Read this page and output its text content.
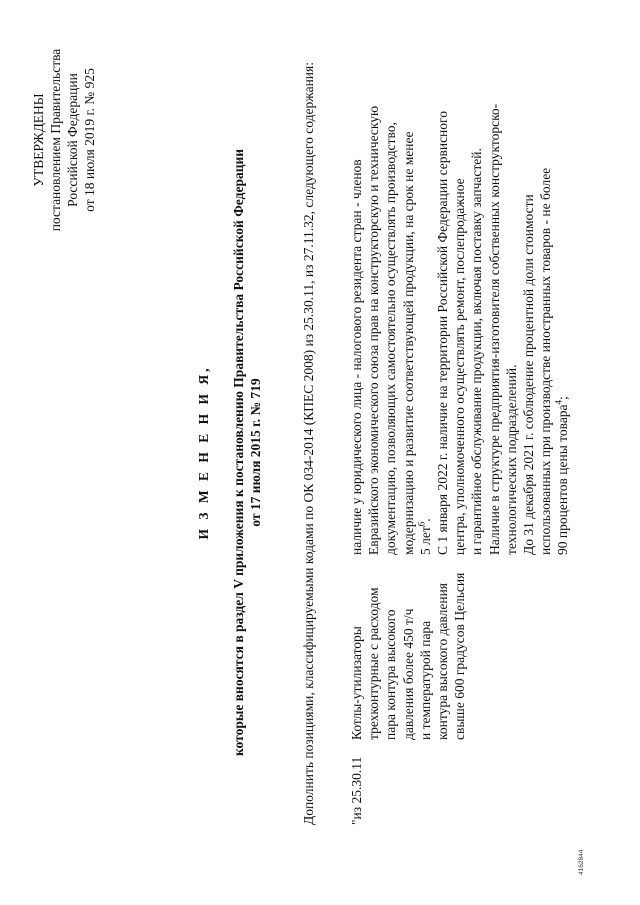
УТВЕРЖДЕНЫ постановлением Правительства Российской Федерации от 18 июля 2019 г. № 925
И З М Е Н Е Н И Я, которые вносятся в раздел V приложения к постановлению Правительства Российской Федерации от 17 июля 2015 г. № 719	Дополнить позициями, классифицируемыми кодами по ОК 034-2014 (КПЕС 2008) из 25.30.11, из 27.11.32, следующего содержания: "из 25.30.11
Котлы-утилизаторы трехконтурные с расходом пара контура высокого давления более 450 т/ч и температурой пара контура высокого давления свыше 600 градусов Цельсия

наличие у юридического лица - налогового резидента стран - членов Евразийского экономического союза прав на конструкторскую и техническую документацию, позволяющих самостоятельно осуществлять производство, модернизацию и развитие соответствующей продукции, на срок не менее 5 лет$^6$. С 1 января 2022 г. наличие на территории Российской Федерации сервисного центра, уполномоченного осуществлять ремонт, послепродажное и гарантийное обслуживание продукции, включая поставку запчастей. Наличие в структуре предприятия-изготовителя собственных конструкторско- технологических подразделений. До 31 декабря 2021 г. соблюдение процентной доли стоимости использованных при производстве иностранных товаров - не более 90 процентов цены товара$^4$;

4162844
